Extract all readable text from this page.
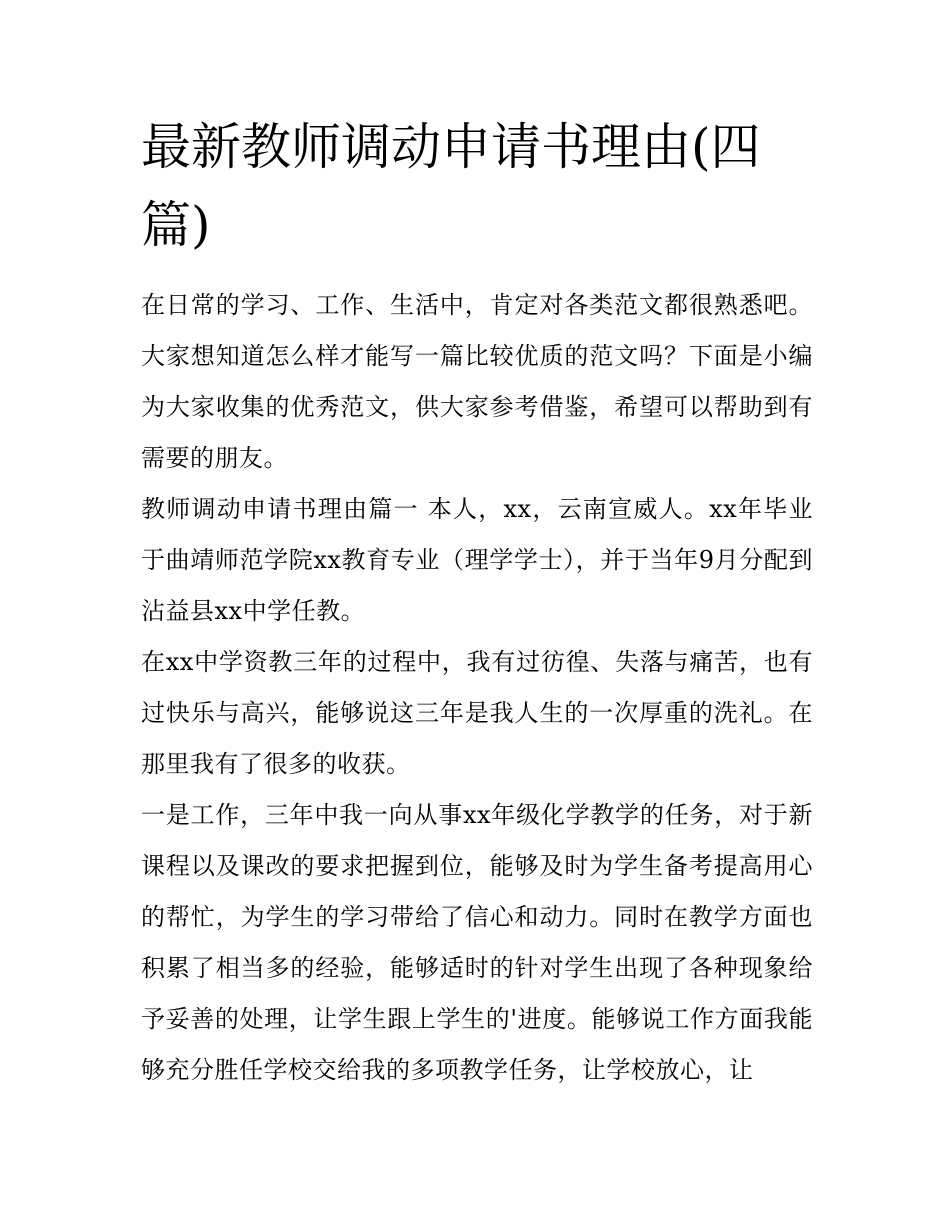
最新教师调动申请书理由(四篇)

在日常的学习、工作、生活中，肯定对各类范文都很熟悉吧。大家想知道怎么样才能写一篇比较优质的范文吗？下面是小编为大家收集的优秀范文，供大家参考借鉴，希望可以帮助到有需要的朋友。

教师调动申请书理由篇一 本人，xx，云南宣威人。xx年毕业于曲靖师范学院xx教育专业（理学学士），并于当年9月分配到沾益县xx中学任教。

在xx中学资教三年的过程中，我有过彷徨、失落与痛苦，也有过快乐与高兴，能够说这三年是我人生的一次厚重的洗礼。在那里我有了很多的收获。

一是工作，三年中我一向从事xx年级化学教学的任务，对于新课程以及课改的要求把握到位，能够及时为学生备考提高用心的帮忙，为学生的学习带给了信心和动力。同时在教学方面也积累了相当多的经验，能够适时的针对学生出现了各种现象给予妥善的处理，让学生跟上学生的'进度。能够说工作方面我能够充分胜任学校交给我的多项教学任务，让学校放心，让
